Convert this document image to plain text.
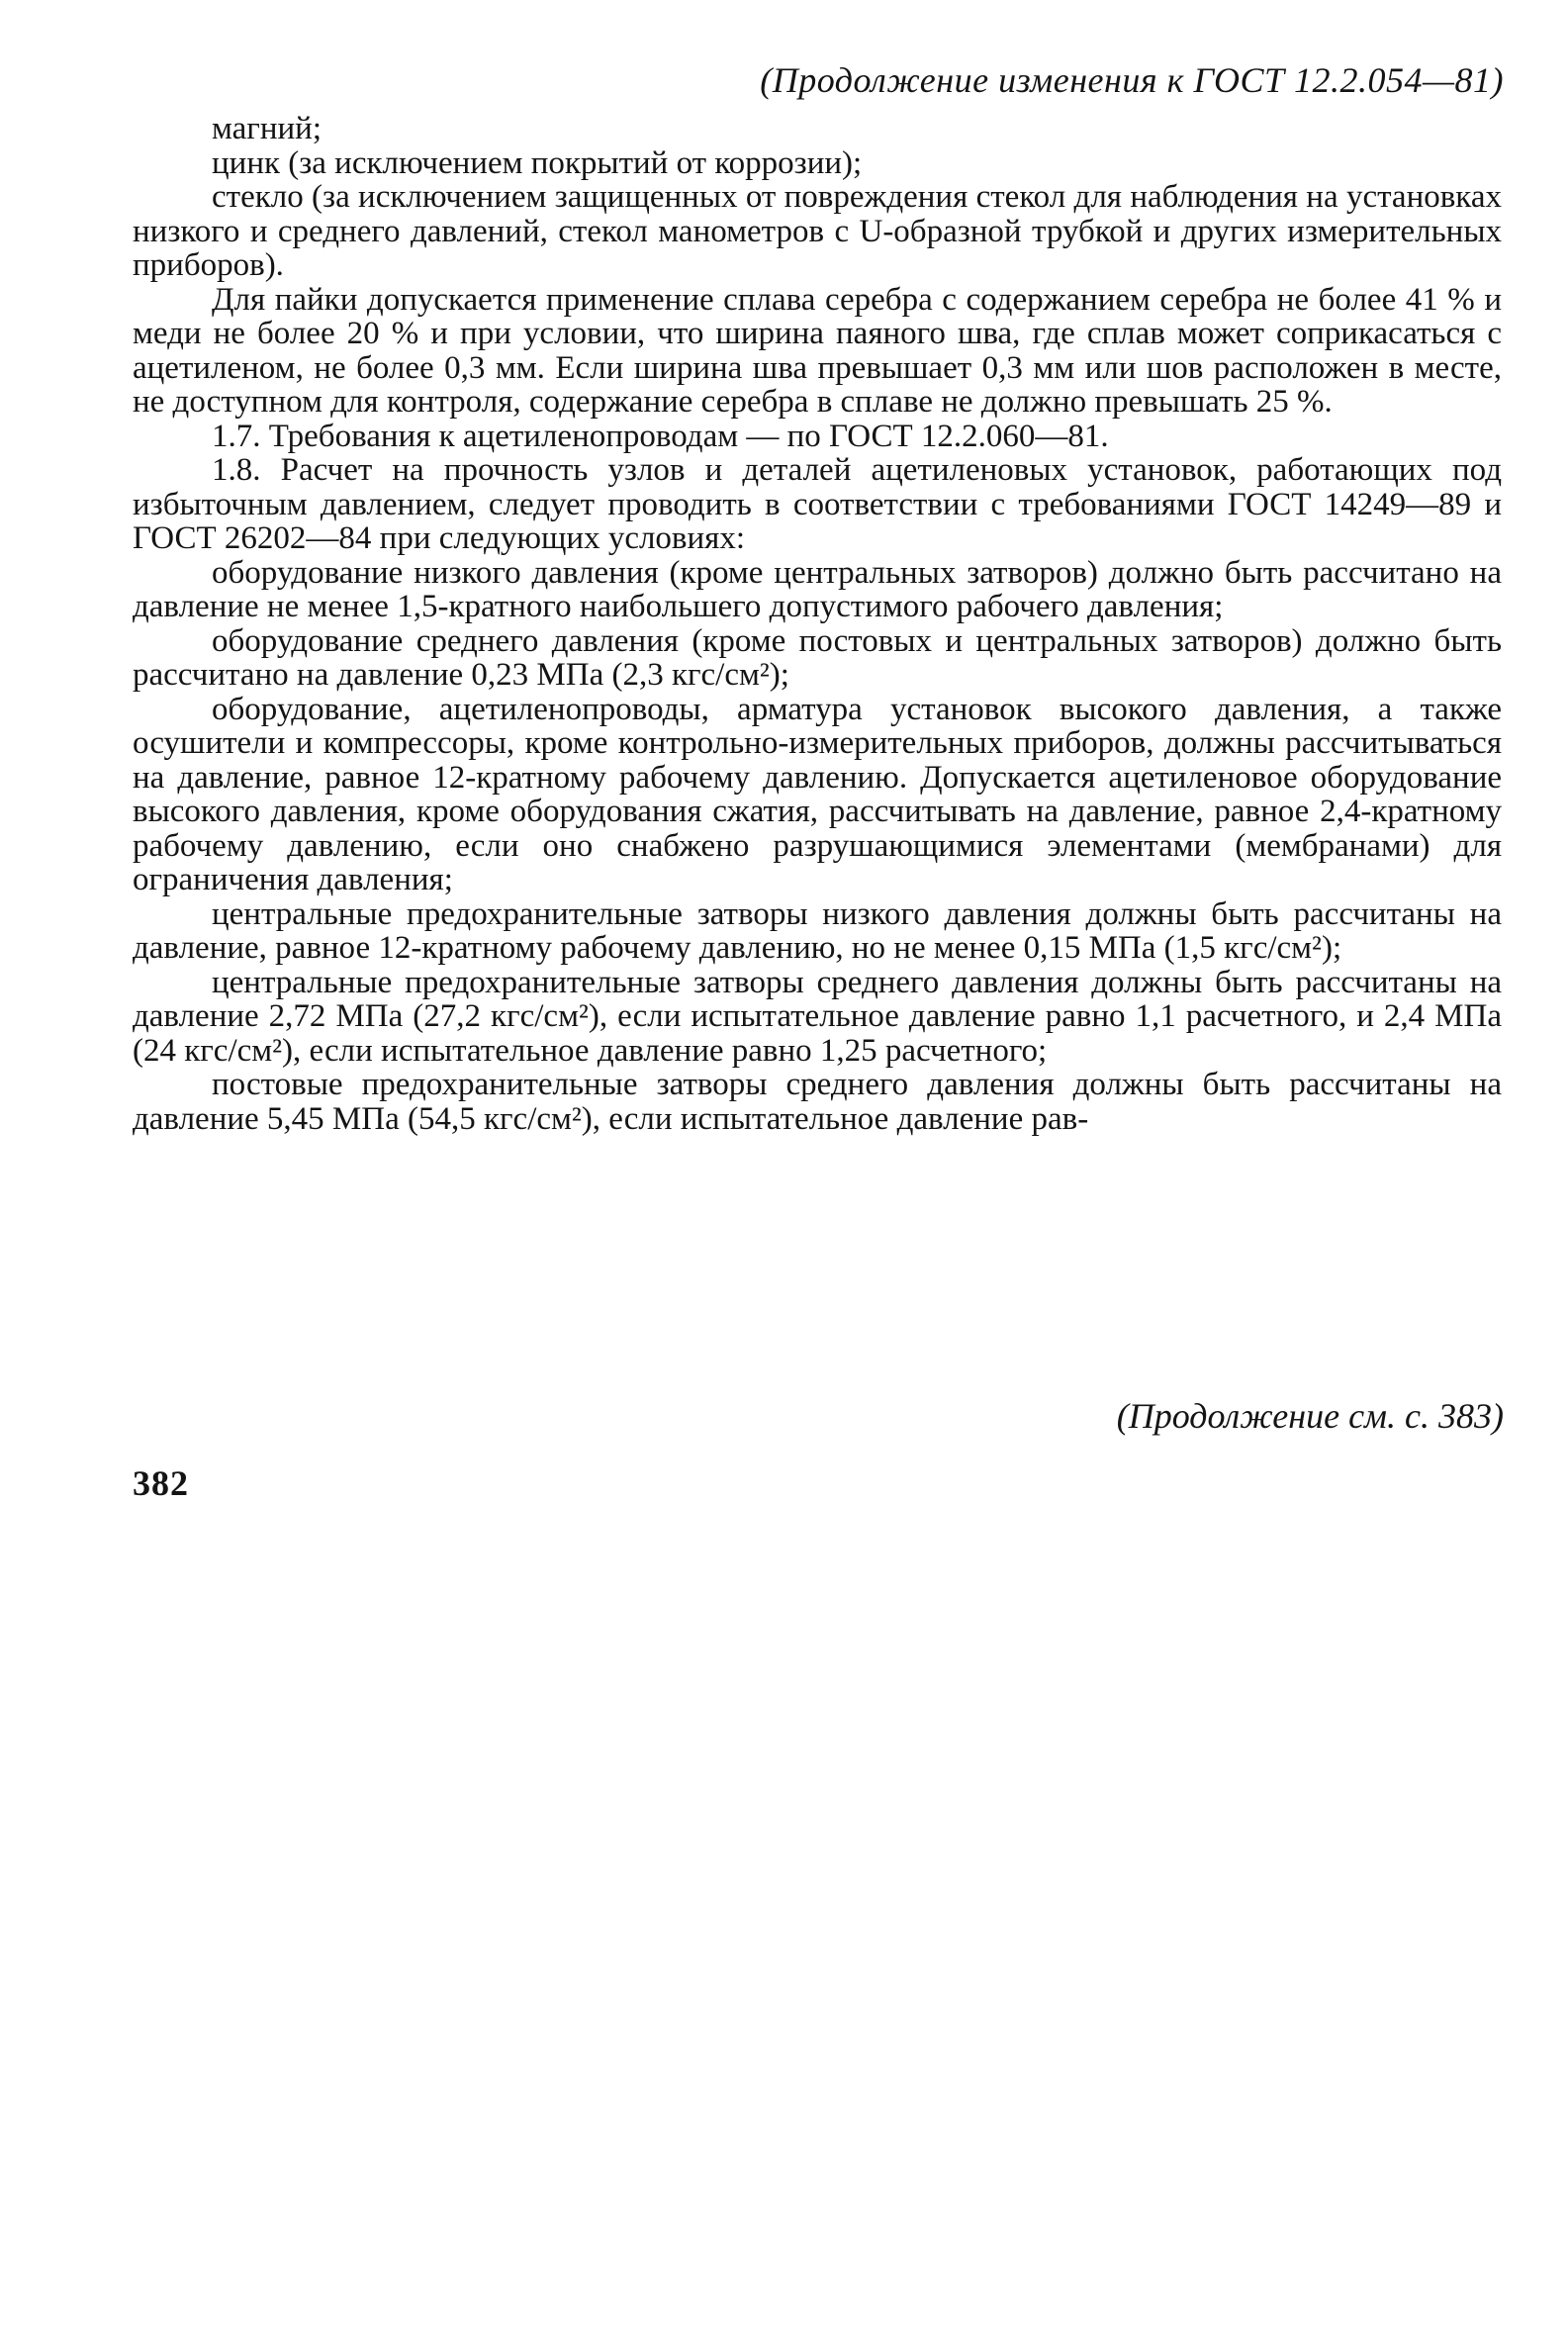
(Продолжение изменения к ГОСТ 12.2.054—81)

магний;

цинк (за исключением покрытий от коррозии);

стекло (за исключением защищенных от повреждения стекол для наблюдения на установках низкого и среднего давлений, стекол манометров с U-образной трубкой и других измерительных приборов).

Для пайки допускается применение сплава серебра с содержанием серебра не более 41 % и меди не более 20 % и при условии, что ширина паяного шва, где сплав может соприкасаться с ацетиленом, не более 0,3 мм. Если ширина шва превышает 0,3 мм или шов расположен в месте, не доступном для контроля, содержание серебра в сплаве не должно превышать 25 %.

1.7. Требования к ацетиленопроводам — по ГОСТ 12.2.060—81.

1.8. Расчет на прочность узлов и деталей ацетиленовых установок, работающих под избыточным давлением, следует проводить в соответствии с требованиями ГОСТ 14249—89 и ГОСТ 26202—84 при следующих условиях:

оборудование низкого давления (кроме центральных затворов) должно быть рассчитано на давление не менее 1,5-кратного наибольшего допустимого рабочего давления;

оборудование среднего давления (кроме постовых и центральных затворов) должно быть рассчитано на давление 0,23 МПа (2,3 кгс/см²);

оборудование, ацетиленопроводы, арматура установок высокого давления, а также осушители и компрессоры, кроме контрольно-измерительных приборов, должны рассчитываться на давление, равное 12-кратному рабочему давлению. Допускается ацетиленовое оборудование высокого давления, кроме оборудования сжатия, рассчитывать на давление, равное 2,4-кратному рабочему давлению, если оно снабжено разрушающимися элементами (мембранами) для ограничения давления;

центральные предохранительные затворы низкого давления должны быть рассчитаны на давление, равное 12-кратному рабочему давлению, но не менее 0,15 МПа (1,5 кгс/см²);

центральные предохранительные затворы среднего давления должны быть рассчитаны на давление 2,72 МПа (27,2 кгс/см²), если испытательное давление равно 1,1 расчетного, и 2,4 МПа (24 кгс/см²), если испытательное давление равно 1,25 расчетного;

постовые предохранительные затворы среднего давления должны быть рассчитаны на давление 5,45 МПа (54,5 кгс/см²), если испытательное давление рав-

(Продолжение см. с. 383)
382
